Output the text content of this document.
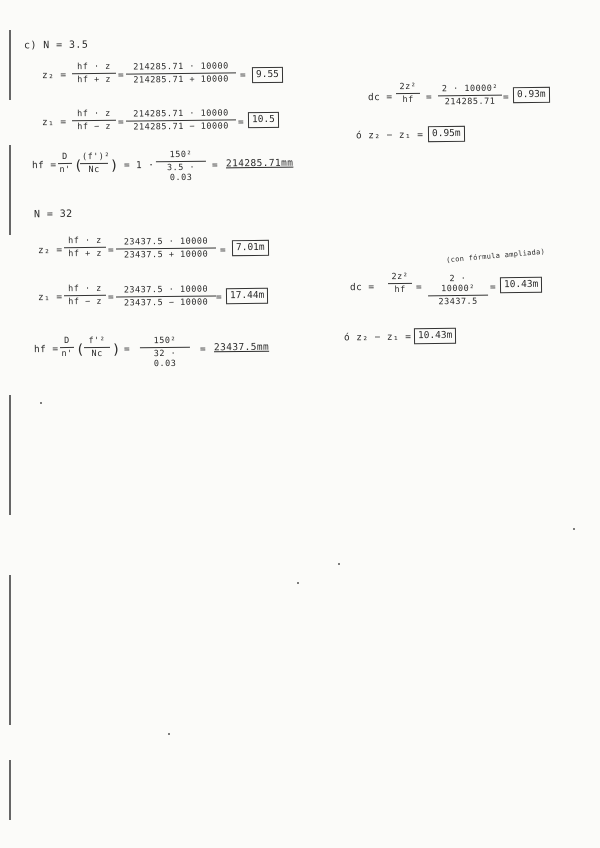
c) N = 3.5
$z_2 = \frac{hf \cdot z}{hf + z} = \frac{214285.71 \cdot 10000}{214285.71 + 10000}$ =	9.55
$z_1 = \frac{hf \cdot z}{hf - z} = \frac{214285.71 \cdot 10000}{214285.71 - 10000} = 10.5$
hf = $\frac{D}{n'}$ (
$\frac{\text{(f')²}}{Nc}$ ) = $1 \cdot \frac{\text{150²}}{3.5 \cdot 0.03} = 214285.71mm$
dc = $\frac{\text{2z²}}{hf} = \frac{\text{2 · 10000²}}{214285.71} = 0.93m$
ó z₂ − z₁ = 0.95m
N = 32
$z_2 = \frac{hf \cdot z}{hf + z} = \frac{23437.5 \cdot 10000}{23437.5 + 10000}$ =	7.01m
$z_1 = \frac{hf \cdot z}{hf - z} = \frac{23437.5 \cdot 10000}{23437.5 - 10000} = 17.44m$
hf = $\frac{D}{n'}$ (
$\frac{\text{f'²}}{Nc}$ ) = $\frac{\text{150²}}{32 \cdot 0.03} = 23437.5mm$
(con fórmula ampliada)
dc = $\frac{\text{2z²}}{hf} = \frac{\text{2 · 10000²}}{23437.5} = 10.43m$
ó z₂ − z₁ = 10.43m
